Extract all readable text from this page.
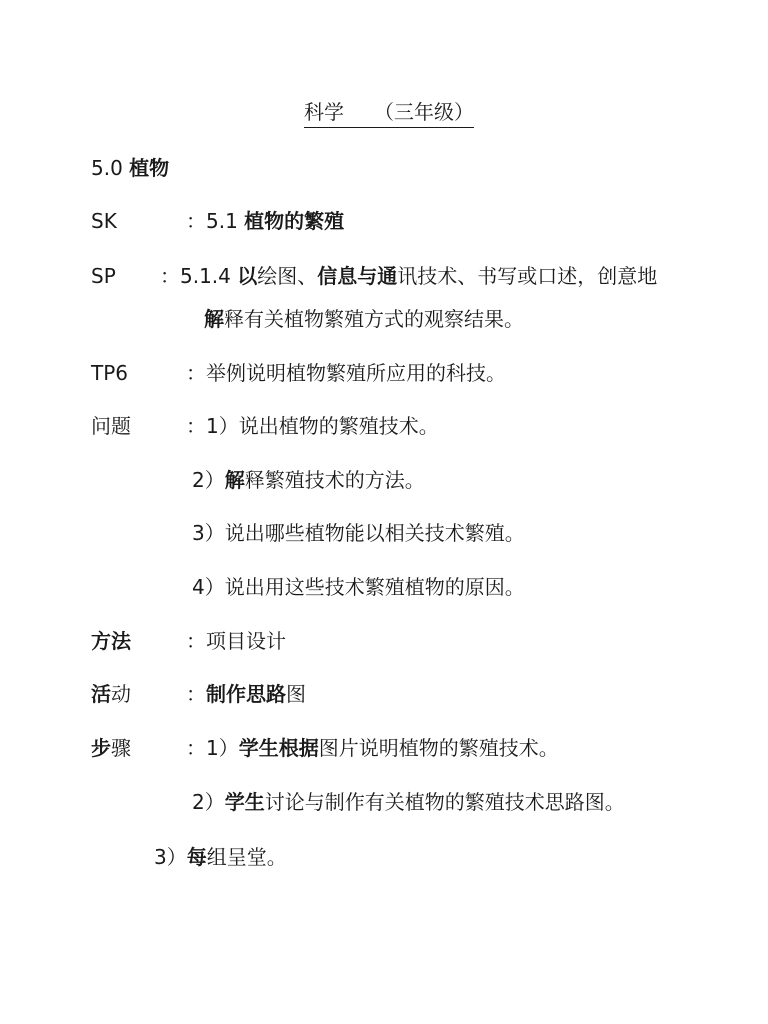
科学 （三年级）
5.0 植物
SK	：5.1 植物的繁殖
SP ：5.1.4 以绘图、信息与通讯技术、书写或口述，创意地
解释有关植物繁殖方式的观察结果。
TP6	：举例说明植物繁殖所应用的科技。
问题	：1）说出植物的繁殖技术。
2）解释繁殖技术的方法。
3）说出哪些植物能以相关技术繁殖。
4）说出用这些技术繁殖植物的原因。
方法	：项目设计
活动	：制作思路图
步骤	：1）学生根据图片说明植物的繁殖技术。
2）学生讨论与制作有关植物的繁殖技术思路图。
3）每组呈堂。
